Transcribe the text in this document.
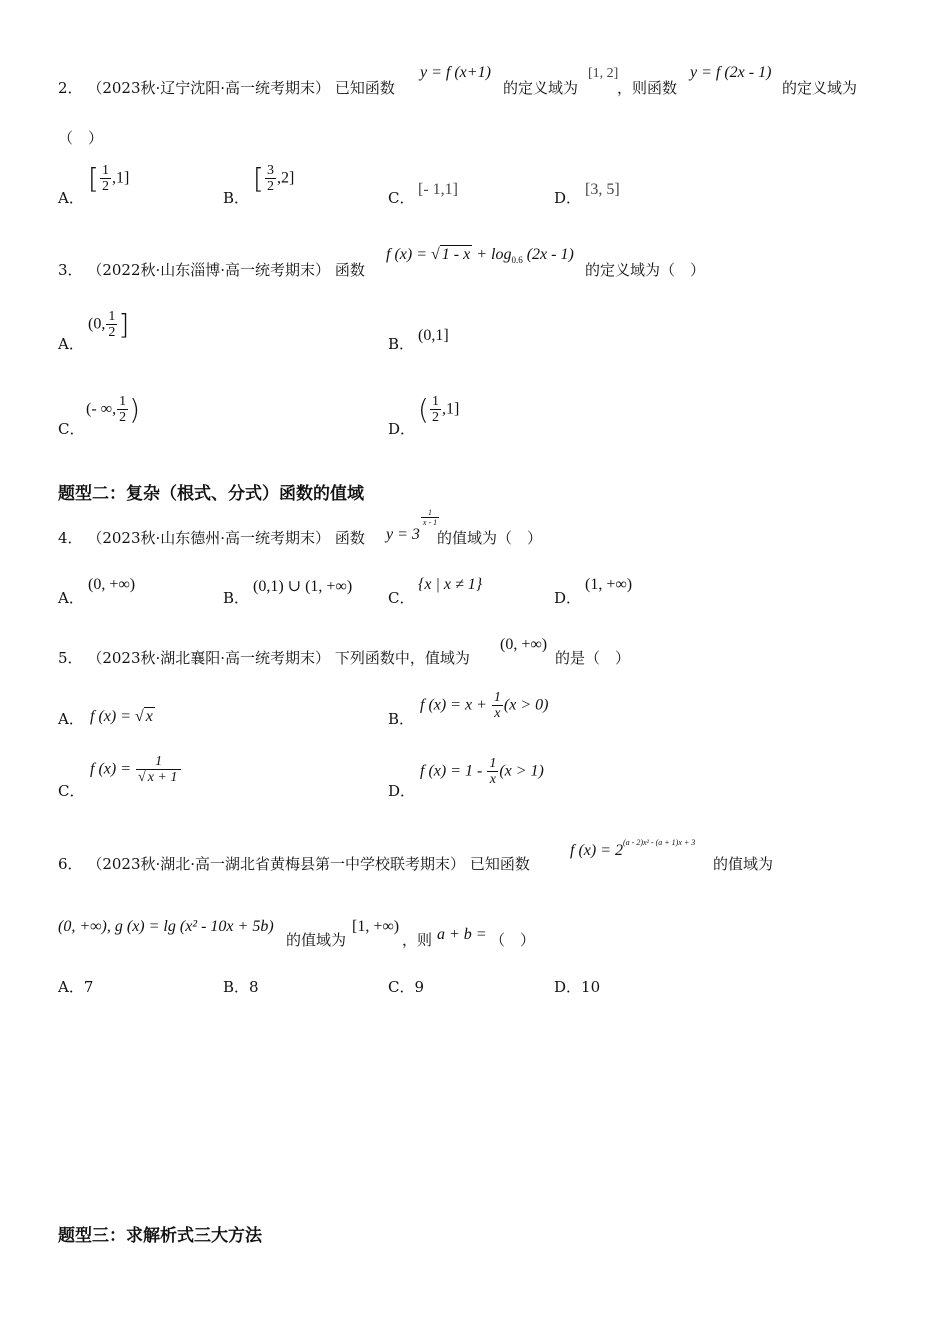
2． （2023秋·辽宁沈阳·高一统考期末） 已知函数
y = f (x+1)
的定义域为
[1, 2]
，则函数
y = f (2x - 1)
的定义域为
（　）
A．
[ $\frac{1}{2} ,1$]
B．
[ $\frac{3}{2} ,2$]
C． [- 1,1]	D． [3, 5]
3． （2022秋·山东淄博·高一统考期末） 函数
f (x) = √ $1 - x + \log_{0.6} (2x - 1)$
的定义域为（　）
A．
(0, $\frac{1}{2}$ ]
B． (0,1]
C．
(- ∞, $\frac{1}{2}$ )
D．
( $\frac{1}{2} ,1$]
题型二：复杂（根式、分式）函数的值域
4． （2023秋·山东德州·高一统考期末） 函数 y = 3
$\frac{1}{x - 1}$
的值域为（　）
A．
(0, +∞)
B．
(0,1) ∪ (1, +∞)
C．
{x | x ≠ 1}
D．
(1, +∞)
5． （2023秋·湖北襄阳·高一统考期末） 下列函数中，值域为
(0, +∞)
的是（　）
A． f (x) = √ x	B．
f $(x) = x + \frac{1}{x} (x > 0)$
C．
f $(x) = \frac{1}{√ x + 1}$
D．
f $(x) = 1 - \frac{1}{x} (x > 1)$
6． （2023秋·湖北·高一湖北省黄梅县第一中学校联考期末） 已知函数
f $(x) = 2^{(a - 2)x^2 - (a + 1)x + 3}$
的值域为
(0, +∞), g (x) = lg (x² - 10x + 5b)
的值域为
[1, +∞)
，则 a + b = （　）
A．7	B．8	C．9	D．10
题型三：求解析式三大方法
